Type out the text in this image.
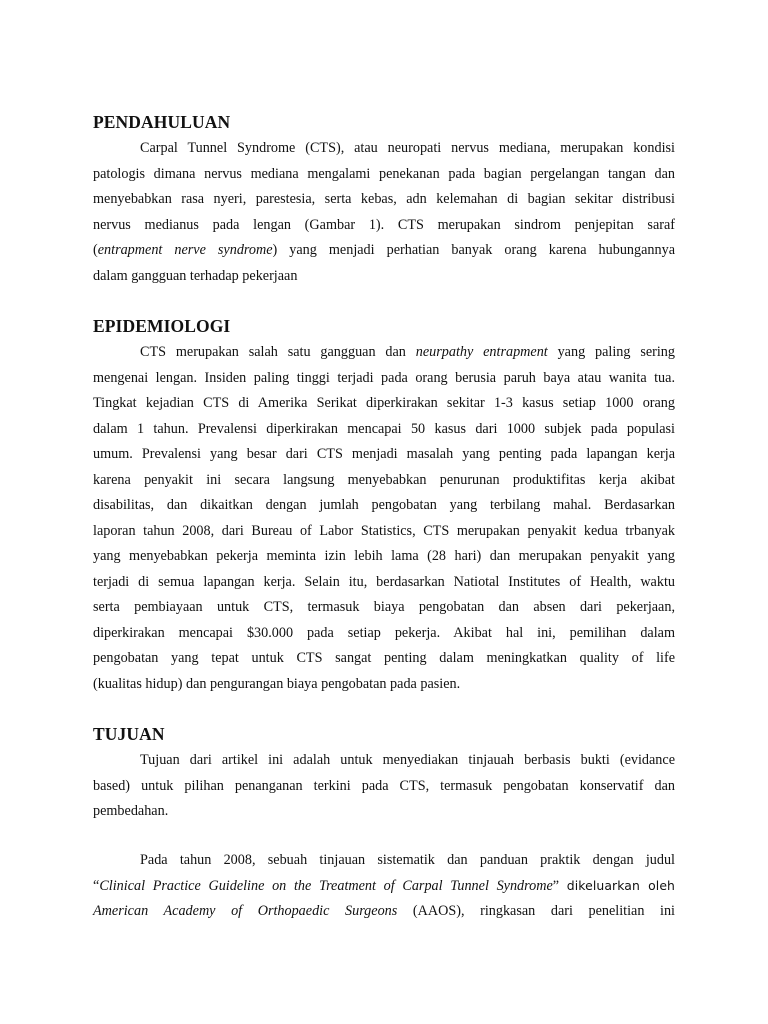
PENDAHULUAN
Carpal Tunnel Syndrome (CTS), atau neuropati nervus mediana, merupakan kondisi
patologis dimana nervus mediana mengalami penekanan pada bagian pergelangan tangan dan
menyebabkan rasa nyeri, parestesia, serta kebas, adn kelemahan di bagian sekitar distribusi
nervus medianus pada lengan (Gambar 1). CTS merupakan sindrom penjepitan saraf
(entrapment nerve syndrome) yang menjadi perhatian banyak orang karena hubungannya
dalam gangguan terhadap pekerjaan
EPIDEMIOLOGI
CTS merupakan salah satu gangguan dan neurpathy entrapment yang paling sering
mengenai lengan. Insiden paling tinggi terjadi pada orang berusia paruh baya atau wanita tua.
Tingkat kejadian CTS di Amerika Serikat diperkirakan sekitar 1-3 kasus setiap 1000 orang
dalam 1 tahun. Prevalensi diperkirakan mencapai 50 kasus dari 1000 subjek pada populasi
umum. Prevalensi yang besar dari CTS menjadi masalah yang penting pada lapangan kerja
karena penyakit ini secara langsung menyebabkan penurunan produktifitas kerja akibat
disabilitas, dan dikaitkan dengan jumlah pengobatan yang terbilang mahal. Berdasarkan
laporan tahun 2008, dari Bureau of Labor Statistics, CTS merupakan penyakit kedua trbanyak
yang menyebabkan pekerja meminta izin lebih lama (28 hari) dan merupakan penyakit yang
terjadi di semua lapangan kerja. Selain itu, berdasarkan Natiotal Institutes of Health, waktu
serta pembiayaan untuk CTS, termasuk biaya pengobatan dan absen dari pekerjaan,
diperkirakan mencapai $30.000 pada setiap pekerja. Akibat hal ini, pemilihan dalam
pengobatan yang tepat untuk CTS sangat penting dalam meningkatkan quality of life
(kualitas hidup) dan pengurangan biaya pengobatan pada pasien.
TUJUAN
Tujuan dari artikel ini adalah untuk menyediakan tinjauah berbasis bukti (evidance
based) untuk pilihan penanganan terkini pada CTS, termasuk pengobatan konservatif dan
pembedahan.
Pada tahun 2008, sebuah tinjauan sistematik dan panduan praktik dengan judul
“Clinical Practice Guideline on the Treatment of Carpal Tunnel Syndrome” dikeluarkan oleh
American Academy of Orthopaedic Surgeons (AAOS), ringkasan dari penelitian ini
